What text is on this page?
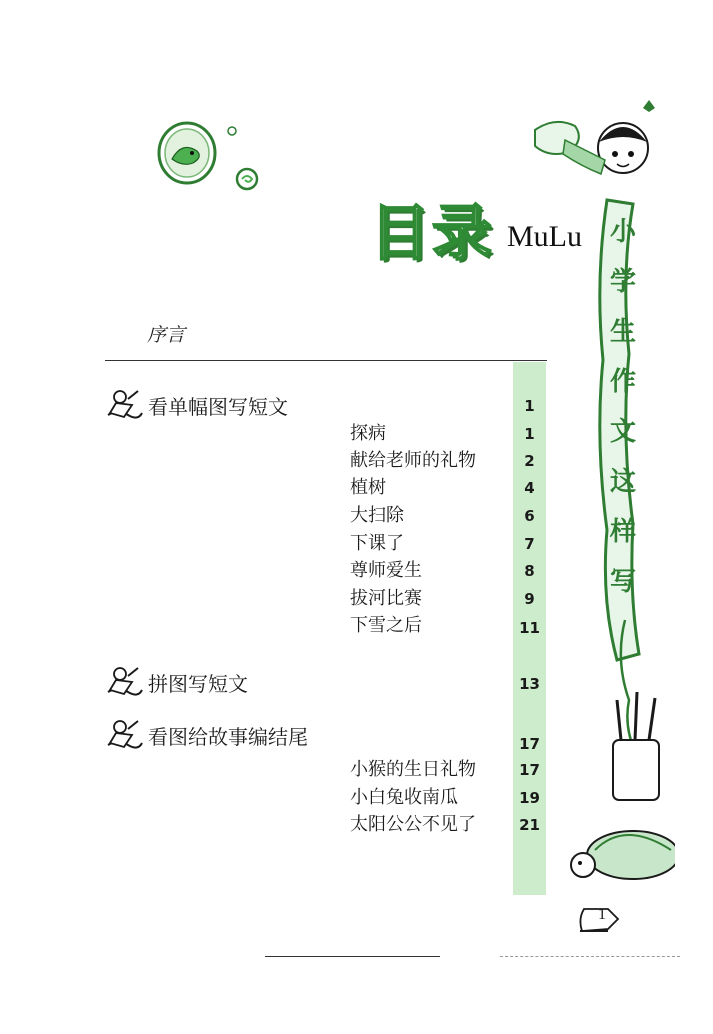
目录 MuLu 小
学
生
作
文
这
样
写
序言
看单幅图写短文	1
探病	1
献给老师的礼物	2
植树	4
大扫除	6
下课了	7
尊师爱生	8
拔河比赛	9
下雪之后	11
拼图写短文	13
看图给故事编结尾	17
小猴的生日礼物	17
小白兔收南瓜	19
太阳公公不见了	21
1
